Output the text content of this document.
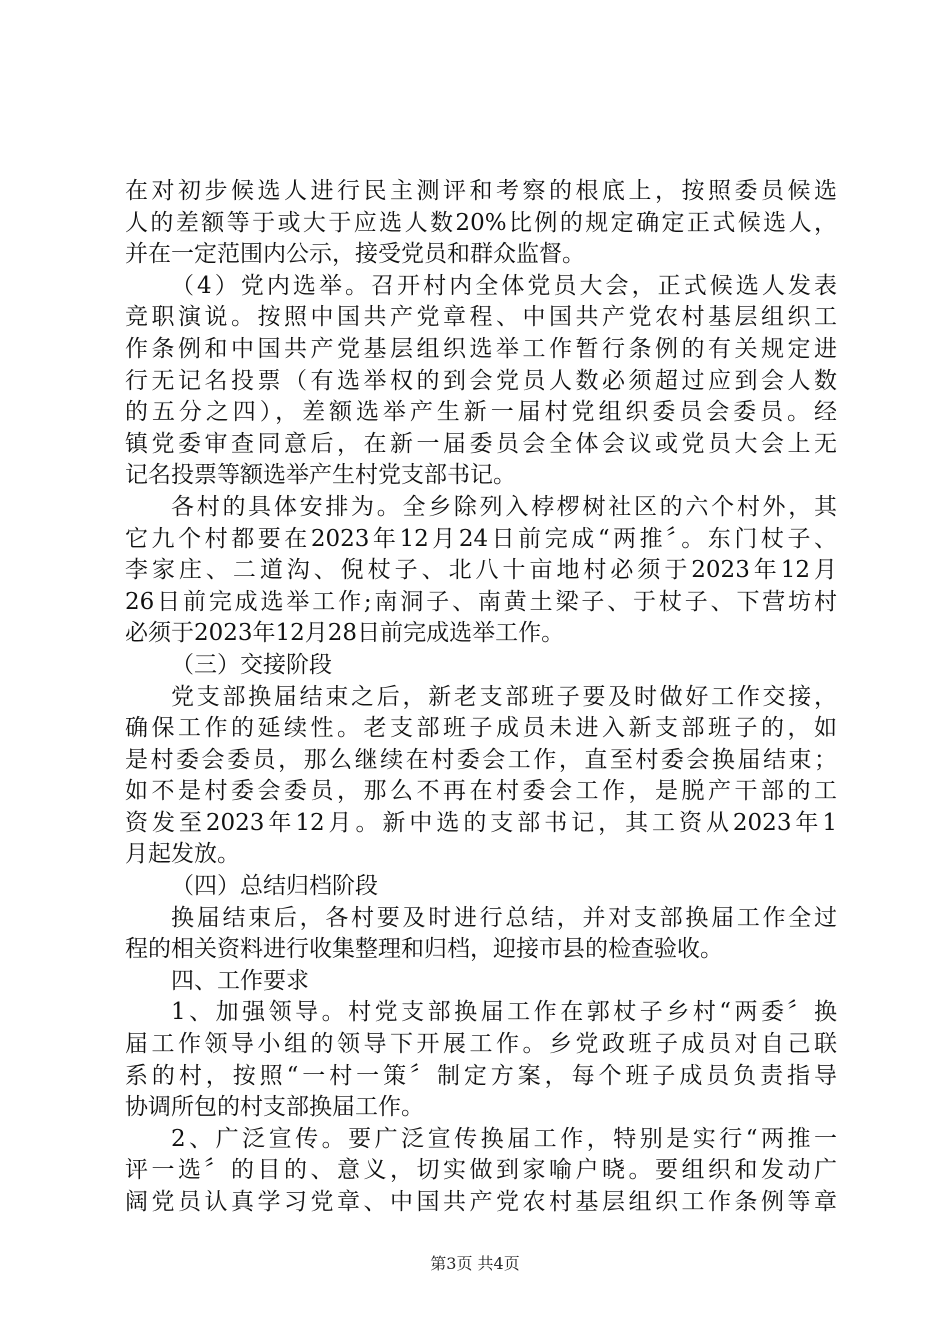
在对初步候选人进行民主测评和考察的根底上，按照委员候选
人的差额等于或大于应选人数20%比例的规定确定正式候选人，
并在一定范围内公示，接受党员和群众监督。
（4）党内选举。召开村内全体党员大会，正式候选人发表
竞职演说。按照中国共产党章程、中国共产党农村基层组织工
作条例和中国共产党基层组织选举工作暂行条例的有关规定进
行无记名投票（有选举权的到会党员人数必须超过应到会人数
的五分之四），差额选举产生新一届村党组织委员会委员。经
镇党委审查同意后，在新一届委员会全体会议或党员大会上无
记名投票等额选举产生村党支部书记。
各村的具体安排为。全乡除列入桲椤树社区的六个村外，其
它九个村都要在2023年12月24日前完成“两推〞。东门杖子、
李家庄、二道沟、倪杖子、北八十亩地村必须于2023年12月
26日前完成选举工作;南洞子、南黄土梁子、于杖子、下营坊村
必须于2023年12月28日前完成选举工作。
（三）交接阶段
党支部换届结束之后，新老支部班子要及时做好工作交接，
确保工作的延续性。老支部班子成员未进入新支部班子的，如
是村委会委员，那么继续在村委会工作，直至村委会换届结束；
如不是村委会委员，那么不再在村委会工作，是脱产干部的工
资发至2023年12月。新中选的支部书记，其工资从2023年1
月起发放。
（四）总结归档阶段
换届结束后，各村要及时进行总结，并对支部换届工作全过
程的相关资料进行收集整理和归档，迎接市县的检查验收。
四、工作要求
1、加强领导。村党支部换届工作在郭杖子乡村“两委〞换
届工作领导小组的领导下开展工作。乡党政班子成员对自己联
系的村，按照“一村一策〞制定方案，每个班子成员负责指导
协调所包的村支部换届工作。
2、广泛宣传。要广泛宣传换届工作，特别是实行“两推一
评一选〞的目的、意义，切实做到家喻户晓。要组织和发动广
阔党员认真学习党章、中国共产党农村基层组织工作条例等章
第3页 共4页
